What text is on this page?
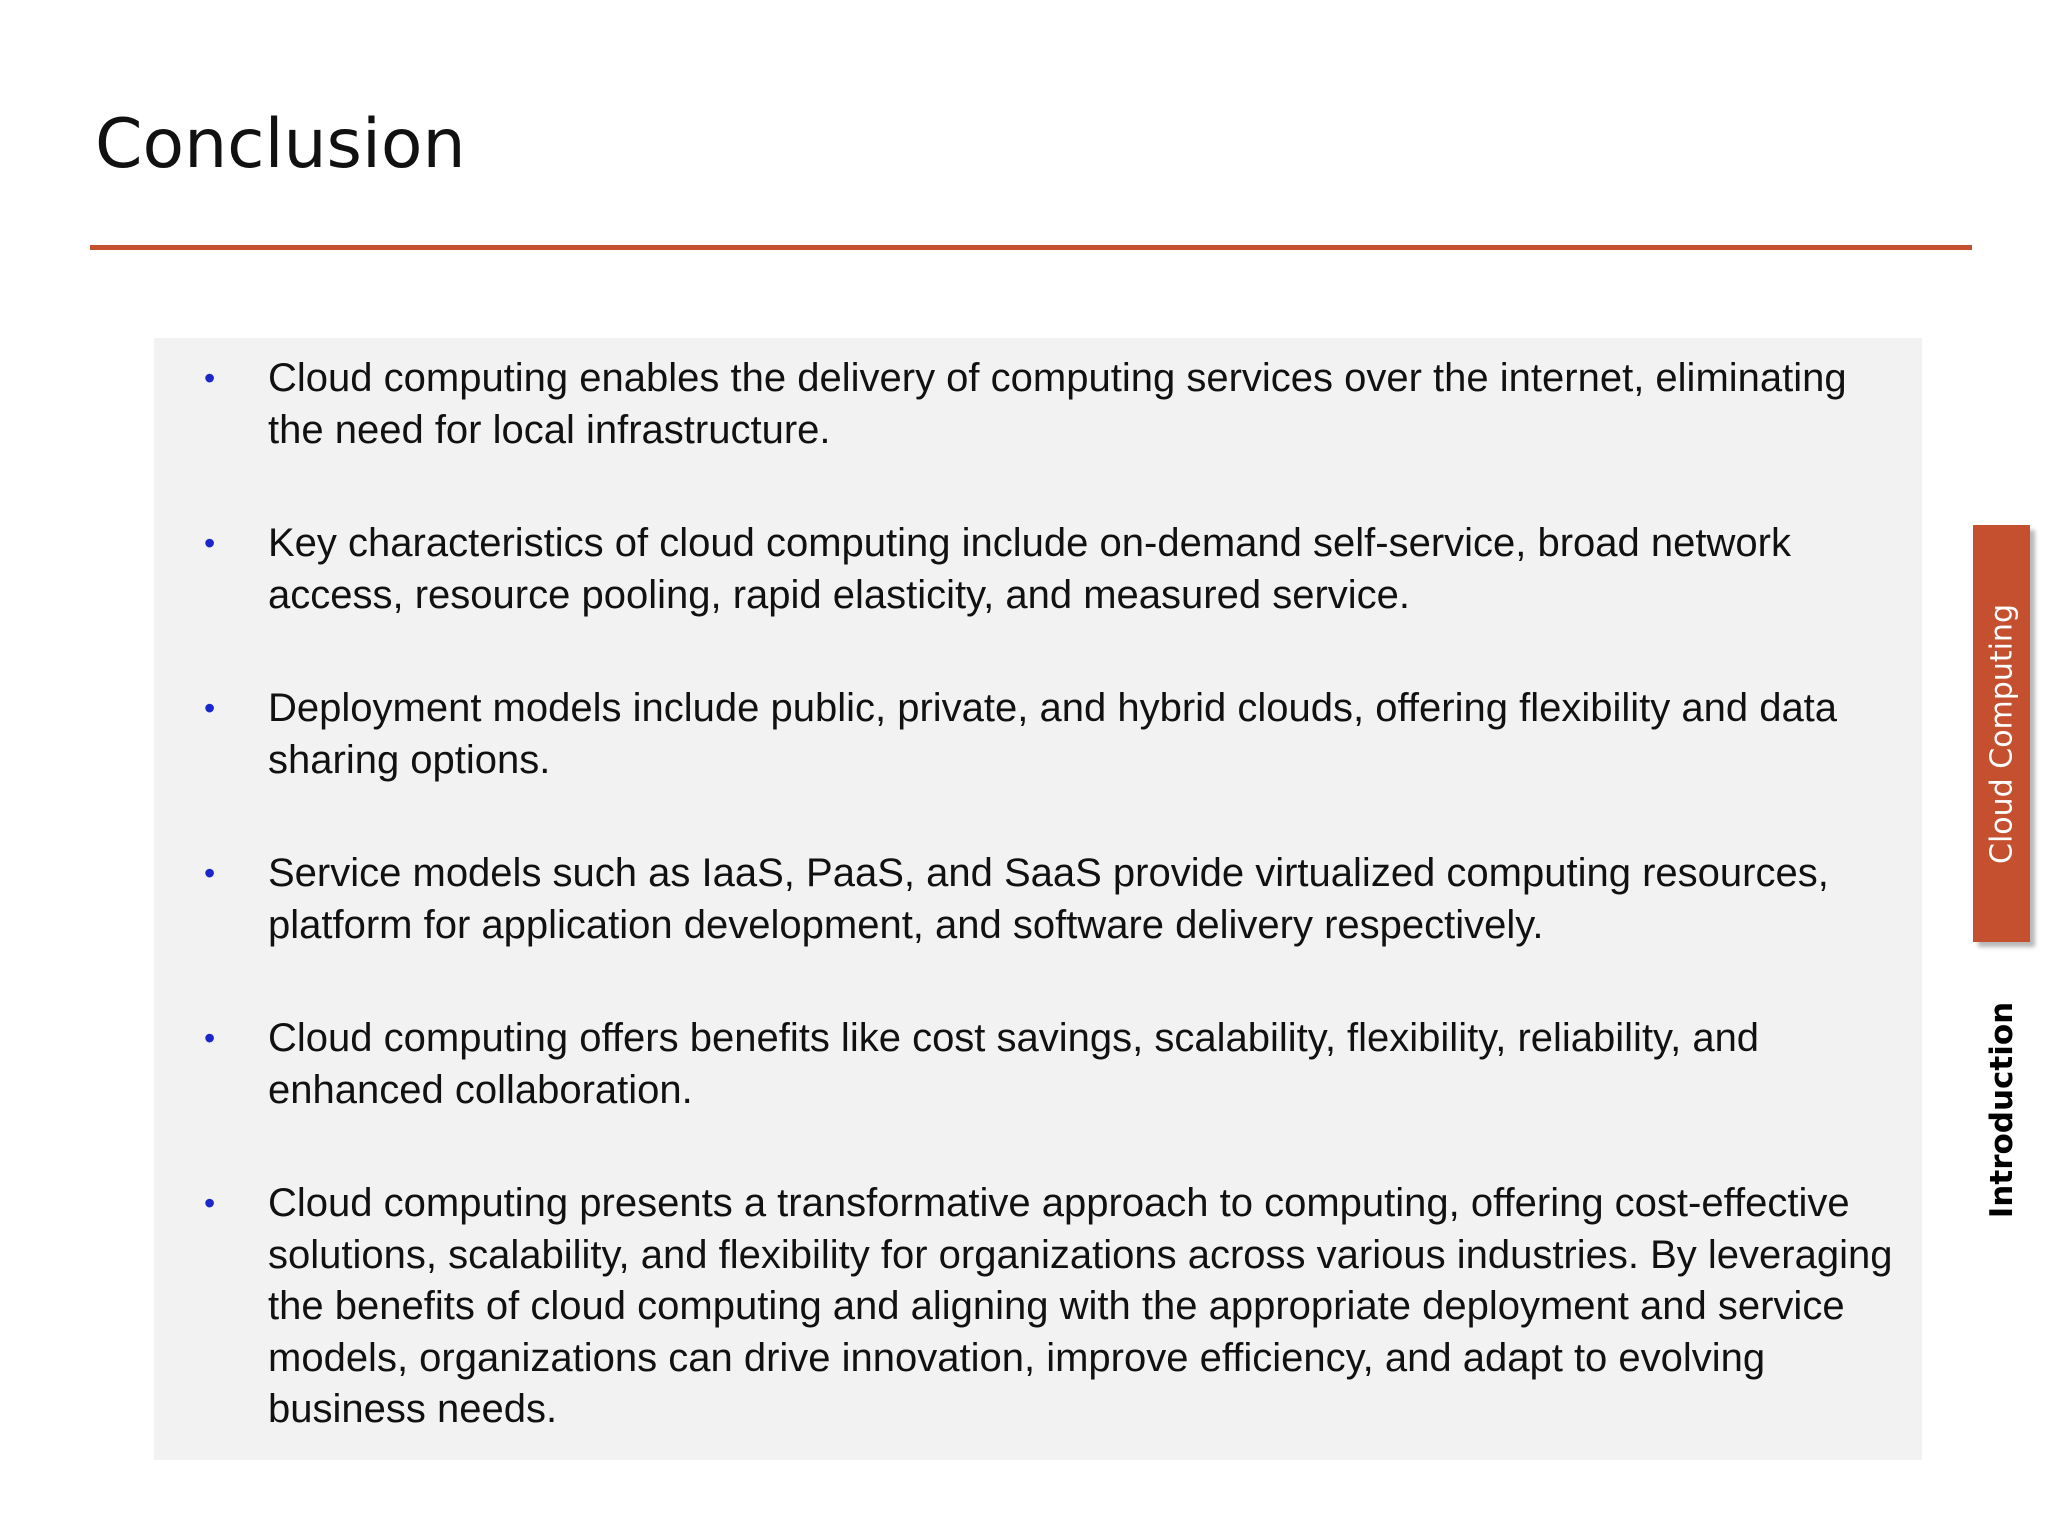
Conclusion
• Cloud computing enables the delivery of computing services over the internet, eliminating the need for local infrastructure.
• Key characteristics of cloud computing include on-demand self-service, broad network access, resource pooling, rapid elasticity, and measured service.
• Deployment models include public, private, and hybrid clouds, offering flexibility and data sharing options.
• Service models such as IaaS, PaaS, and SaaS provide virtualized computing resources, platform for application development, and software delivery respectively.
• Cloud computing offers benefits like cost savings, scalability, flexibility, reliability, and enhanced collaboration.
• Cloud computing presents a transformative approach to computing, offering cost-effective solutions, scalability, and flexibility for organizations across various industries. By leveraging the benefits of cloud computing and aligning with the appropriate deployment and service models, organizations can drive innovation, improve efficiency, and adapt to evolving business needs.
Cloud Computing
Introduction
